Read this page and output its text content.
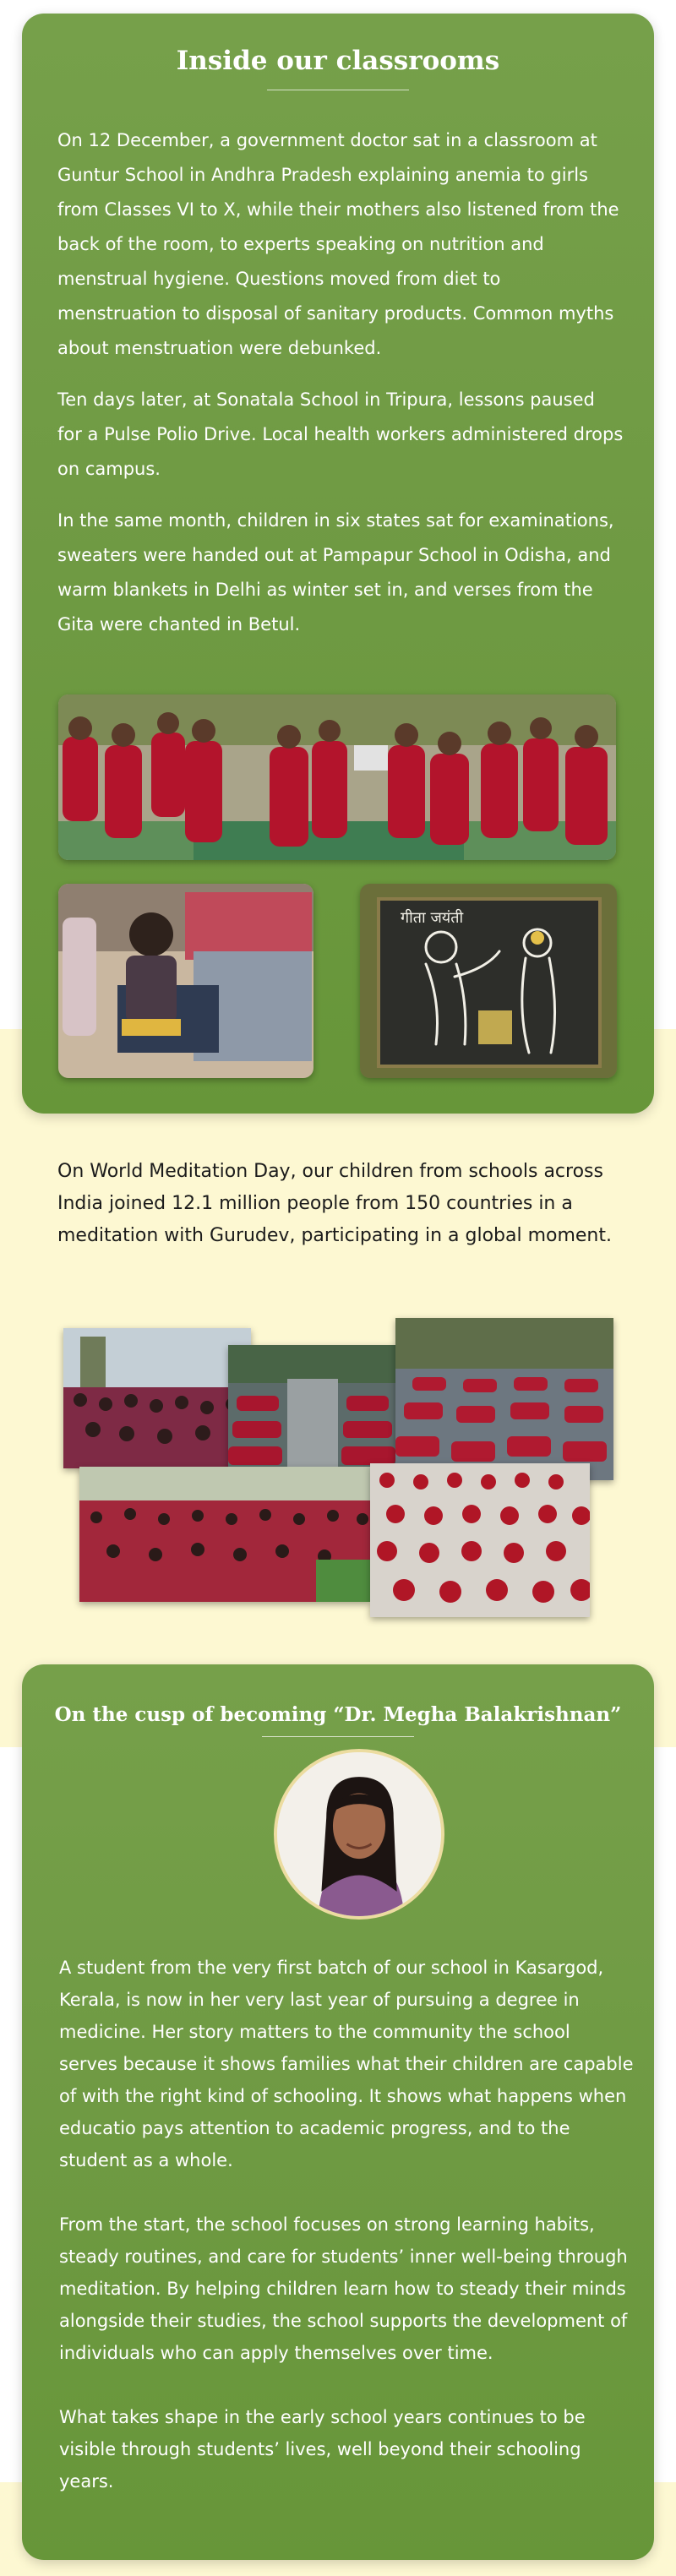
Inside our classrooms

On 12 December, a government doctor sat in a classroom at Guntur School in Andhra Pradesh explaining anemia to girls from Classes VI to X, while their mothers also listened from the back of the room, to experts speaking on nutrition and menstrual hygiene. Questions moved from diet to menstruation to disposal of sanitary products. Common myths about menstruation were debunked.

Ten days later, at Sonatala School in Tripura, lessons paused for a Pulse Polio Drive. Local health workers administered drops on campus.

In the same month, children in six states sat for examinations, sweaters were handed out at Pampapur School in Odisha, and warm blankets in Delhi as winter set in, and verses from the Gita were chanted in Betul.

गीता जयंती

On World Meditation Day, our children from schools across India joined 12.1 million people from 150 countries in a meditation with Gurudev, participating in a global moment.

On the cusp of becoming “Dr. Megha Balakrishnan”

A student from the very first batch of our school in Kasargod, Kerala, is now in her very last year of pursuing a degree in medicine. Her story matters to the community the school serves because it shows families what their children are capable of with the right kind of schooling. It shows what happens when educatio pays attention to academic progress, and to the student as a whole.

From the start, the school focuses on strong learning habits, steady routines, and care for students’ inner well-being through meditation. By helping children learn how to steady their minds alongside their studies, the school supports the development of individuals who can apply themselves over time.

What takes shape in the early school years continues to be visible through students’ lives, well beyond their schooling years.
